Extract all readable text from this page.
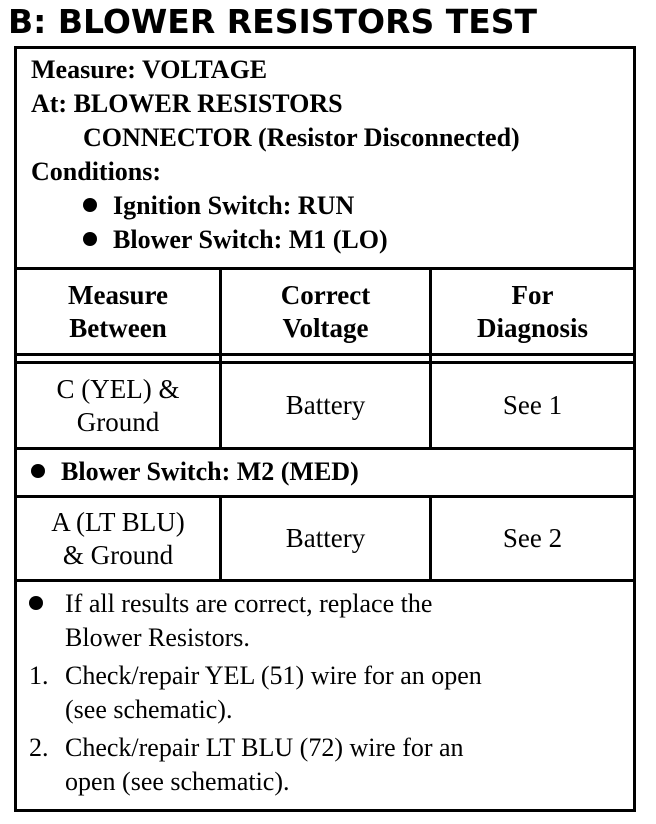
B: BLOWER RESISTORS TEST
Measure: VOLTAGE
At: BLOWER RESISTORS
CONNECTOR (Resistor Disconnected)
Conditions:
Ignition Switch: RUN
Blower Switch: M1 (LO)
Measure
Between
Correct
Voltage
For
Diagnosis
C (YEL) &
Ground
Battery	See 1
Blower Switch: M2 (MED)
A (LT BLU)
& Ground
Battery	See 2
If all results are correct, replace the
Blower Resistors.
1. Check/repair YEL (51) wire for an open
(see schematic).
2. Check/repair LT BLU (72) wire for an
open (see schematic).
